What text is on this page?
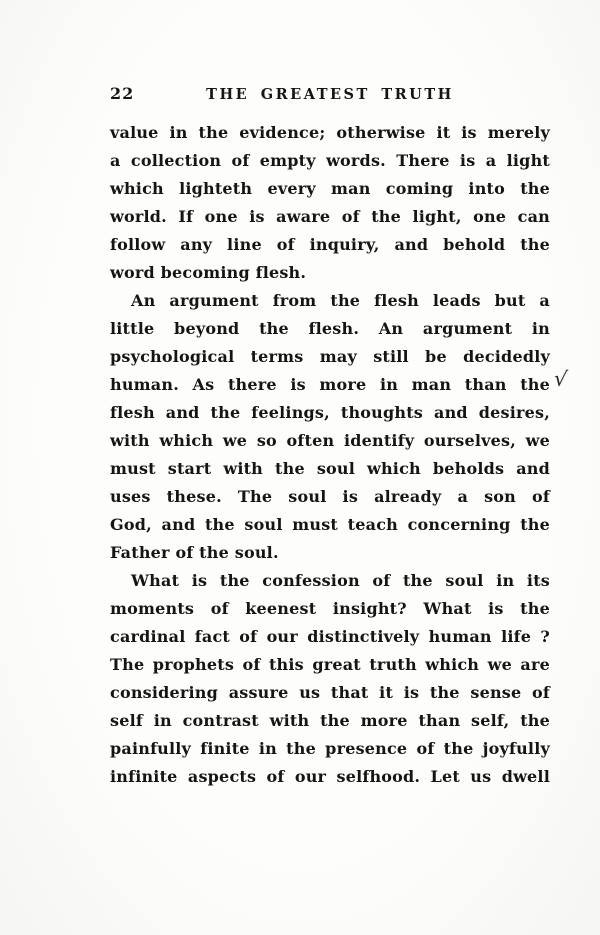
22	THE GREATEST TRUTH
value in the evidence; otherwise it is merely
a collection of empty words. There is a light
which lighteth every man coming into the
world. If one is aware of the light, one can
follow any line of inquiry, and behold the
word becoming flesh.
An argument from the flesh leads but a
little beyond the flesh. An argument in
psychological terms may still be decidedly
human. As there is more in man than the
flesh and the feelings, thoughts and desires,
with which we so often identify ourselves, we
must start with the soul which beholds and
uses these. The soul is already a son of
God, and the soul must teach concerning the
Father of the soul.
What is the confession of the soul in its
moments of keenest insight? What is the
cardinal fact of our distinctively human life ?
The prophets of this great truth which we are
considering assure us that it is the sense of
self in contrast with the more than self, the
painfully finite in the presence of the joyfully
infinite aspects of our selfhood. Let us dwell
√
